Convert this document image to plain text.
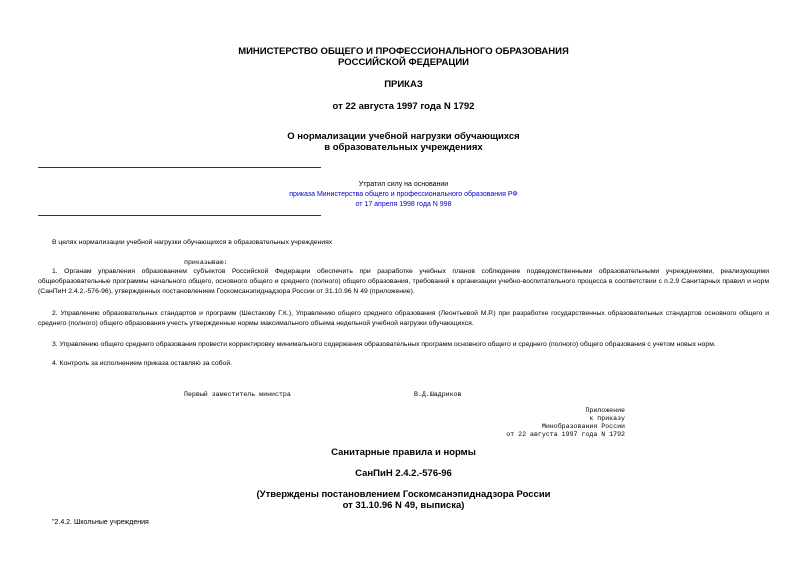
МИНИСТЕРСТВО ОБЩЕГО И ПРОФЕССИОНАЛЬНОГО ОБРАЗОВАНИЯ
РОССИЙСКОЙ ФЕДЕРАЦИИ
ПРИКАЗ
от 22 августа 1997 года N 1792
О нормализации учебной нагрузки обучающихся
в образовательных учреждениях
Утратил силу на основании
приказа Министерства общего и профессионального образования РФ
от 17 апреля 1998 года N 998
В целях нормализации учебной нагрузки обучающихся в образовательных учреждениях
приказываю:
1. Органам управления образованием субъектов Российской Федерации обеспечить при разработке учебных планов соблюдение подведомственными образовательными учреждениями, реализующими общеобразовательные программы начального общего, основного общего и среднего (полного) общего образования, требований к организации учебно-воспитательного процесса в соответствии с п.2.9 Санитарных правил и норм (СанПиН 2.4.2.-576-96), утвержденных постановлением Госкомсанэпиднадзора России от 31.10.96 N 49 (приложение).
2. Управлению образовательных стандартов и программ (Шестакову Г.К.), Управлению общего среднего образования (Леонтьевой М.Р.) при разработке государственных образовательных стандартов основного общего и среднего (полного) общего образования учесть утвержденные нормы максимального объема недельной учебной нагрузки обучающихся.
3. Управлению общего среднего образования провести корректировку минимального содержания образовательных программ основного общего и среднего (полного) общего образования с учетом новых норм.
4. Контроль за исполнением приказа оставляю за собой.
Первый заместитель министра	В.Д.Шадриков
Приложение
к приказу
Минобразования России
от 22 августа 1997 года N 1792
Санитарные правила и нормы
СанПиН 2.4.2.-576-96
(Утверждены постановлением Госкомсанэпиднадзора России
от 31.10.96 N 49, выписка)
"2.4.2. Школьные учреждения
